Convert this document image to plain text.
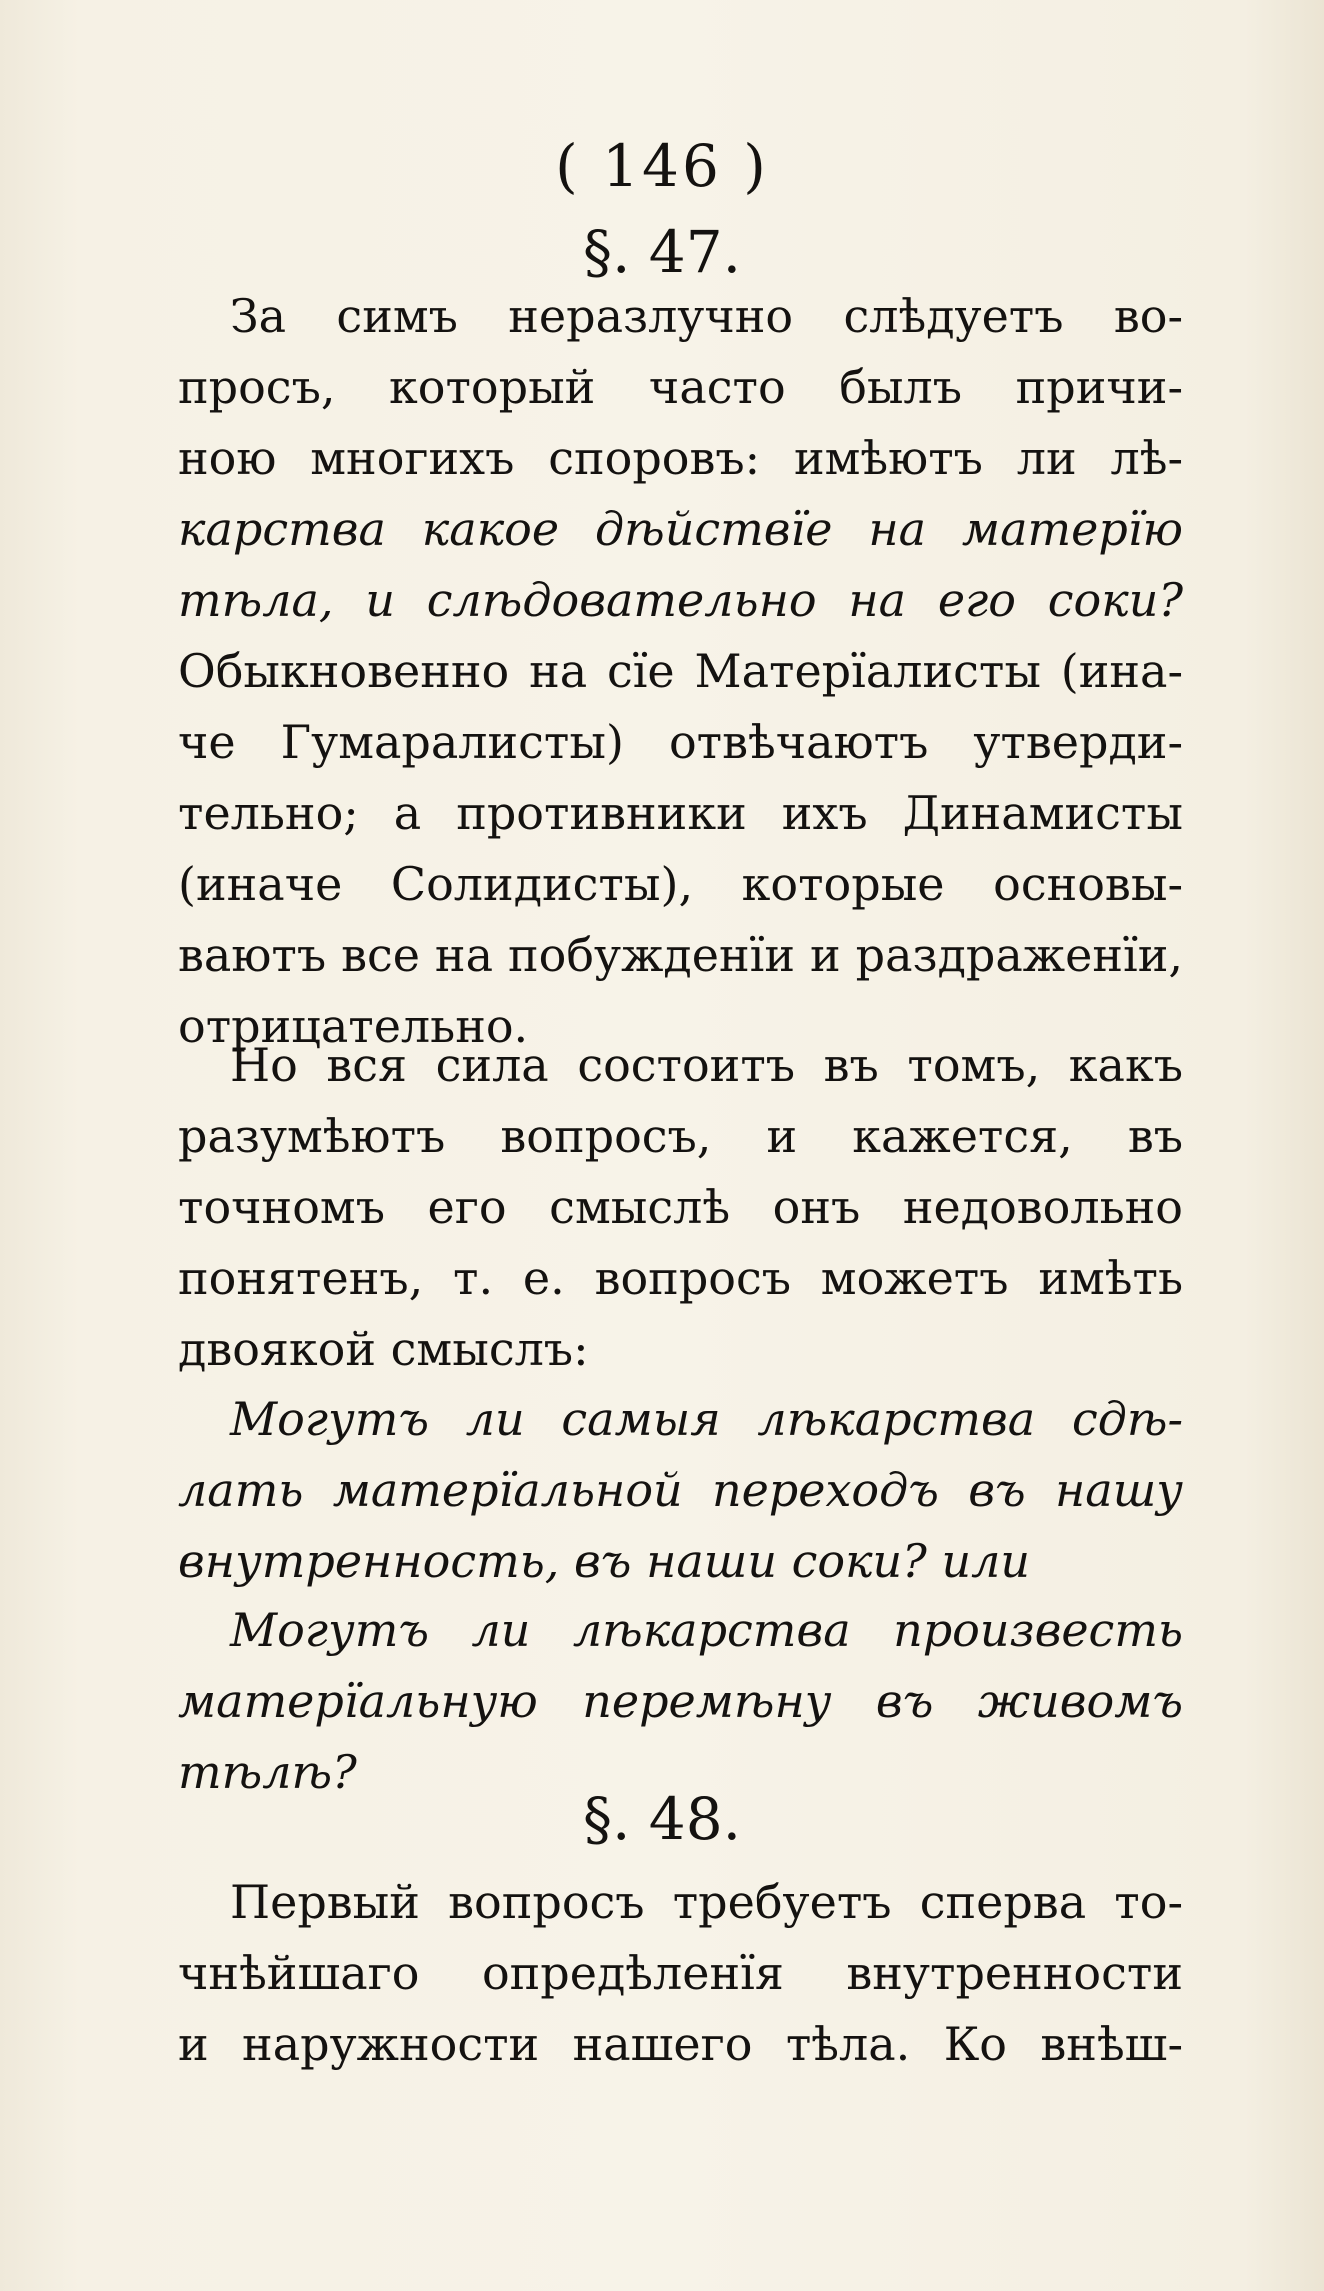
( 146 )
§. 47.
За симъ неразлучно слѣдуетъ во-
просъ, который часто былъ причи-
ною многихъ споровъ: имѣютъ ли лѣ-
карства какое дѣйствïе на матерïю
тѣла, и слѣдовательно на его соки?
Обыкновенно на сïе Матерïалисты (ина-
че Гумаралисты) отвѣчаютъ утверди-
тельно; а противники ихъ Динамисты
(иначе Солидисты), которые основы-
ваютъ все на побужденïи и раздраженïи,
отрицательно.
Но вся сила состоитъ въ томъ, какъ
разумѣютъ вопросъ, и кажется, въ
точномъ его смыслѣ онъ недовольно
понятенъ, т. е. вопросъ можетъ имѣть
двоякой смыслъ:
Могутъ ли самыя лѣкарства сдѣ-
лать матерïальной переходъ въ нашу
внутренность, въ наши соки? или
Могутъ ли лѣкарства произвесть
матерïальную перемѣну въ живомъ
тѣлѣ?
§. 48.
Первый вопросъ требуетъ сперва то-
чнѣйшаго опредѣленïя внутренности
и наружности нашего тѣла. Ко внѣш-
